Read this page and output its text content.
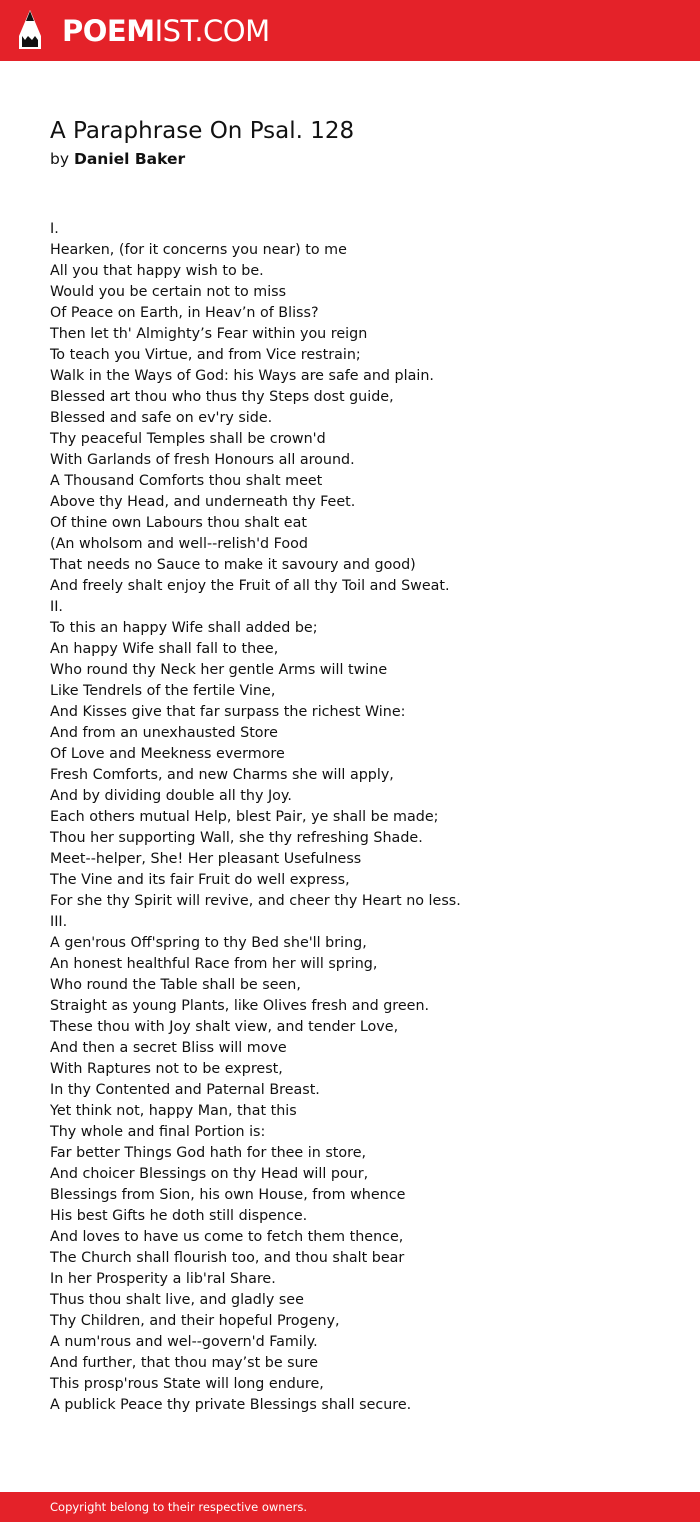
POEMIST.COM
A Paraphrase On Psal. 128
by Daniel Baker
I.
Hearken, (for it concerns you near) to me
All you that happy wish to be.
Would you be certain not to miss
Of Peace on Earth, in Heav’n of Bliss?
Then let th' Almighty’s Fear within you reign
To teach you Virtue, and from Vice restrain;
Walk in the Ways of God: his Ways are safe and plain.
Blessed art thou who thus thy Steps dost guide,
Blessed and safe on ev'ry side.
Thy peaceful Temples shall be crown'd
With Garlands of fresh Honours all around.
A Thousand Comforts thou shalt meet
Above thy Head, and underneath thy Feet.
Of thine own Labours thou shalt eat
(An wholsom and well--relish'd Food
That needs no Sauce to make it savoury and good)
And freely shalt enjoy the Fruit of all thy Toil and Sweat.
II.
To this an happy Wife shall added be;
An happy Wife shall fall to thee,
Who round thy Neck her gentle Arms will twine
Like Tendrels of the fertile Vine,
And Kisses give that far surpass the richest Wine:
And from an unexhausted Store
Of Love and Meekness evermore
Fresh Comforts, and new Charms she will apply,
And by dividing double all thy Joy.
Each others mutual Help, blest Pair, ye shall be made;
Thou her supporting Wall, she thy refreshing Shade.
Meet--helper, She! Her pleasant Usefulness
The Vine and its fair Fruit do well express,
For she thy Spirit will revive, and cheer thy Heart no less.
III.
A gen'rous Off'spring to thy Bed she'll bring,
An honest healthful Race from her will spring,
Who round the Table shall be seen,
Straight as young Plants, like Olives fresh and green.
These thou with Joy shalt view, and tender Love,
And then a secret Bliss will move
With Raptures not to be exprest,
In thy Contented and Paternal Breast.
Yet think not, happy Man, that this
Thy whole and final Portion is:
Far better Things God hath for thee in store,
And choicer Blessings on thy Head will pour,
Blessings from Sion, his own House, from whence
His best Gifts he doth still dispence.
And loves to have us come to fetch them thence,
The Church shall flourish too, and thou shalt bear
In her Prosperity a lib'ral Share.
Thus thou shalt live, and gladly see
Thy Children, and their hopeful Progeny,
A num'rous and wel--govern'd Family.
And further, that thou may’st be sure
This prosp'rous State will long endure,
A publick Peace thy private Blessings shall secure.
Copyright belong to their respective owners.
